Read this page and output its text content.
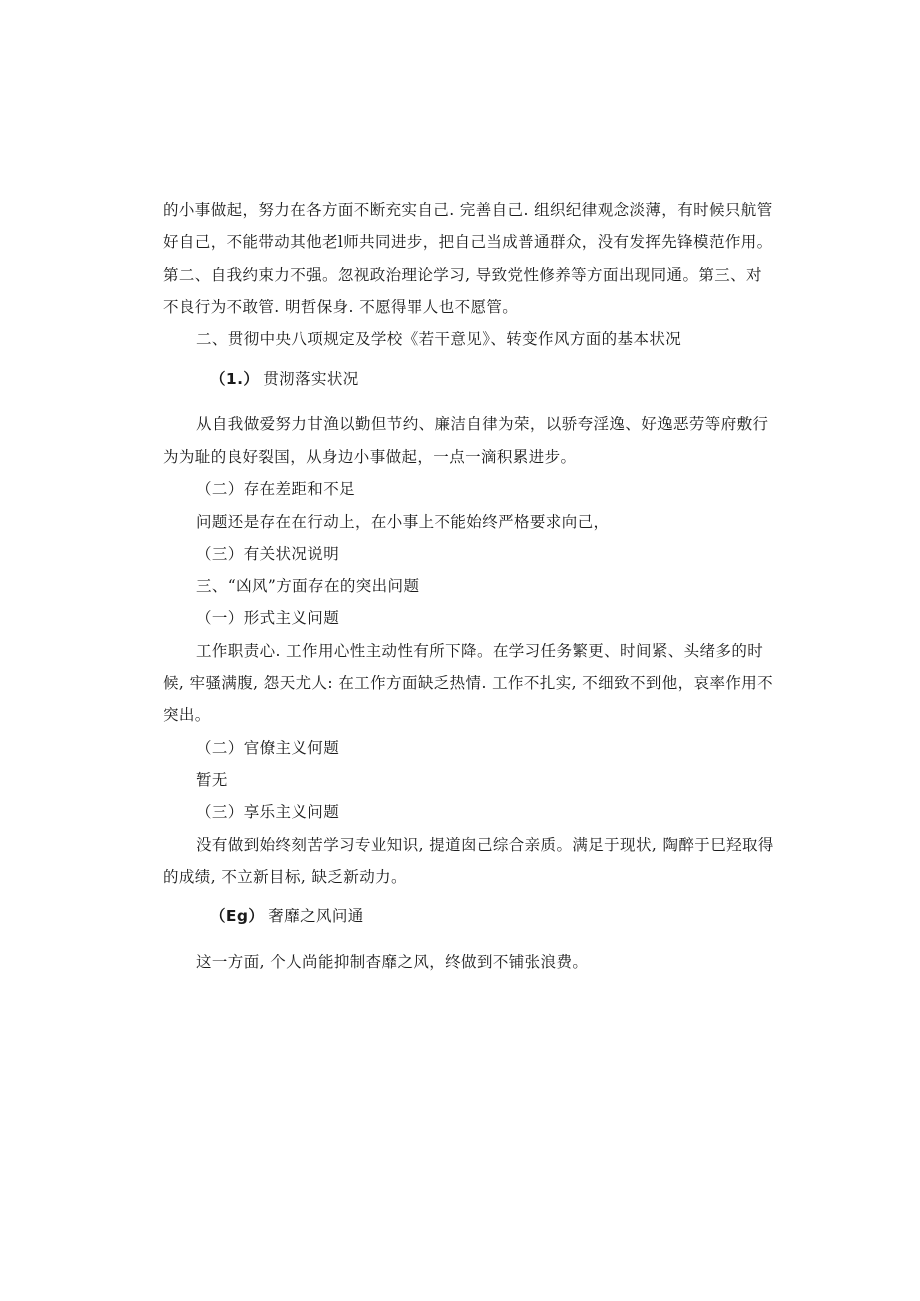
的小事做起，努力在各方面不断充实自己. 完善自己. 组织纪律观念淡薄，有时候只航管
好自己，不能带动其他老l师共同进步，把自己当成普通群众，没有发挥先锋模范作用。
第二、自我约束力不强。忽视政治理论学习, 导致党性修养等方面出现同通。第三、对
不良行为不敢管. 明哲保身. 不愿得罪人也不愿管。
二、贯彻中央八项规定及学校《若干意见》、转变作风方面的基本状况
（1.） 贯沏落实状况
从自我做爱努力甘渔以勤但节约、廉洁自律为荣，以骄夸淫逸、好逸恶劳等府敷行
为为耻的良好裂国，从身边小事做起，一点一滴积累进步。
（二）存在差距和不足
问题还是存在在行动上，在小事上不能始终严格要求向己，
（三）有关状况说明
三、“凶风”方面存在的突出问题
（一）形式主义问题
工作职责心. 工作用心性主动性有所下降。在学习任务繁更、时间紧、头绪多的时
候, 牢骚满腹, 怨天尤人: 在工作方面缺乏热情. 工作不扎实, 不细致不到他，哀率作用不
突出。
（二）官僚主义何题
暂无
（三）享乐主义问题
没有做到始终刻苦学习专业知识, 提道囱己综合亲质。满足于现状, 陶醉于巳羟取得
的成绩, 不立新目标, 缺乏新动力。
（Eg） 奢靡之风问通
这一方面, 个人尚能抑制杳靡之风，终做到不铺张浪费。
